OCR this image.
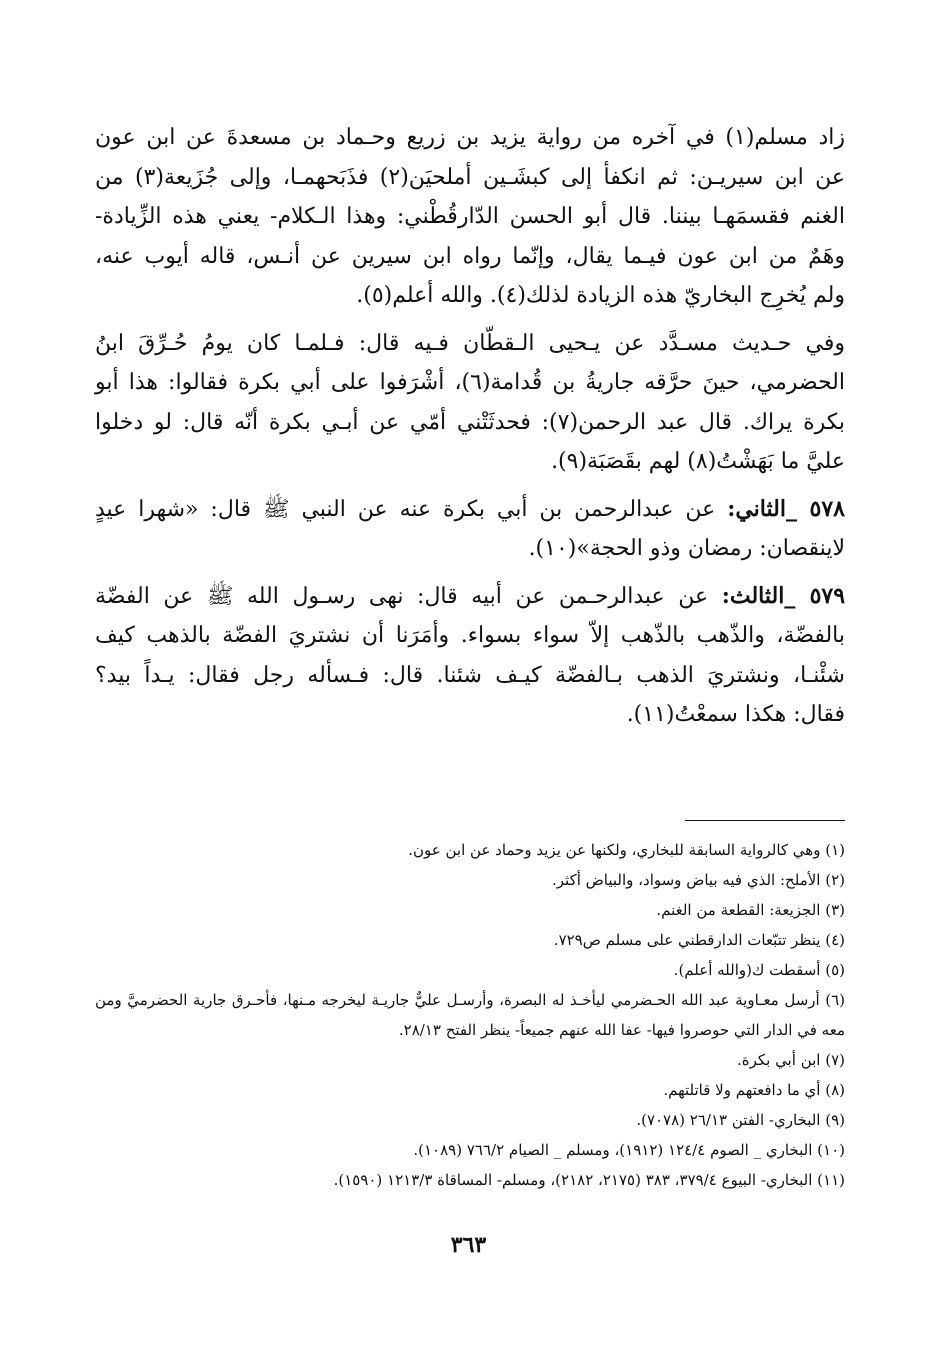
زاد مسلم(١) في آخره من رواية يزيد بن زريع وحـماد بن مسعدةَ عن ابن عون
عن ابن سيريـن: ثم انكفأ إلى كبشَـين أملحيَن(٢) فذَبَحهمـا، وإلى جُزَيعة(٣) من
الغنم فقسمَهـا بيننا. قال أبو الحسن الدّارقُطْني: وهذا الـكلام- يعني هذه الزِّيادة-
وهَمٌ من ابن عون فيـما يقال، وإنّما رواه ابن سيرين عن أنـس، قاله أيوب عنه،
ولم يُخرِج البخاريّ هذه الزيادة لذلك(٤). والله أعلم(٥).
وفي حـديث مسـدَّد عن يـحيى الـقطّان فـيه قال: فـلمـا كان يومُ حُـرِّقَ ابنُ
الحضرمي، حينَ حرَّقه جاريةُ بن قُدامة(٦)، أشْرَفوا على أبي بكرة فقالوا: هذا أبو
بكرة يراك. قال عبد الرحمن(٧): فحدثَتْني أمّي عن أبـي بكرة أنّه قال: لو دخلوا
عليَّ ما بَهَشْتُ(٨) لهم بقَصَبَة(٩).
٥٧٨ _الثاني: عن عبدالرحمن بن أبي بكرة عنه عن النبي ﷺ قال: «شهرا عيدٍ
لاينقصان: رمضان وذو الحجة»(١٠).
٥٧٩ _الثالث: عن عبدالرحـمن عن أبيه قال: نهى رسـول الله ﷺ عن الفضّة
بالفضّة، والذّهب بالذّهب إلاّ سواء بسواء. وأمَرَنا أن نشتريَ الفضّة بالذهب كيف
شئْنـا، ونشتريَ الذهب بـالفضّة كيـف شئنا. قال: فـسأله رجل فقال: يـداً بيد؟
فقال: هكذا سمعْتُ(١١).
(١) وهي كالرواية السابقة للبخاري، ولكنها عن يزيد وحماد عن ابن عون.
(٢) الأملح: الذي فيه بياض وسواد، والبياض أكثر.
(٣) الجزيعة: القطعة من الغنم.
(٤) ينظر تتبّعات الدارقطني على مسلم ص٧٢٩.
(٥) أسقطت ك(والله أعلم).
(٦) أرسل معـاوية عبد الله الحـضرمي ليأخـذ له البصرة، وأرسـل عليٌّ جاريـة ليخرجه مـنها، فأحـرق جارية الحضرميَّ ومن معه في الدار التي حوصروا فيها- عفا الله عنهم جميعاً- ينظر الفتح ٢٨/١٣.
(٧) ابن أبي بكرة.
(٨) أي ما دافعتهم ولا قاتلتهم.
(٩) البخاري- الفتن ٢٦/١٣ (٧٠٧٨).
(١٠) البخاري _ الصوم ١٢٤/٤ (١٩١٢)، ومسلم _ الصيام ٧٦٦/٢ (١٠٨٩).
(١١) البخاري- البيوع ٣٧٩/٤، ٣٨٣ (٢١٧٥، ٢١٨٢)، ومسلم- المساقاة ١٢١٣/٣ (١٥٩٠).
٣٦٣
